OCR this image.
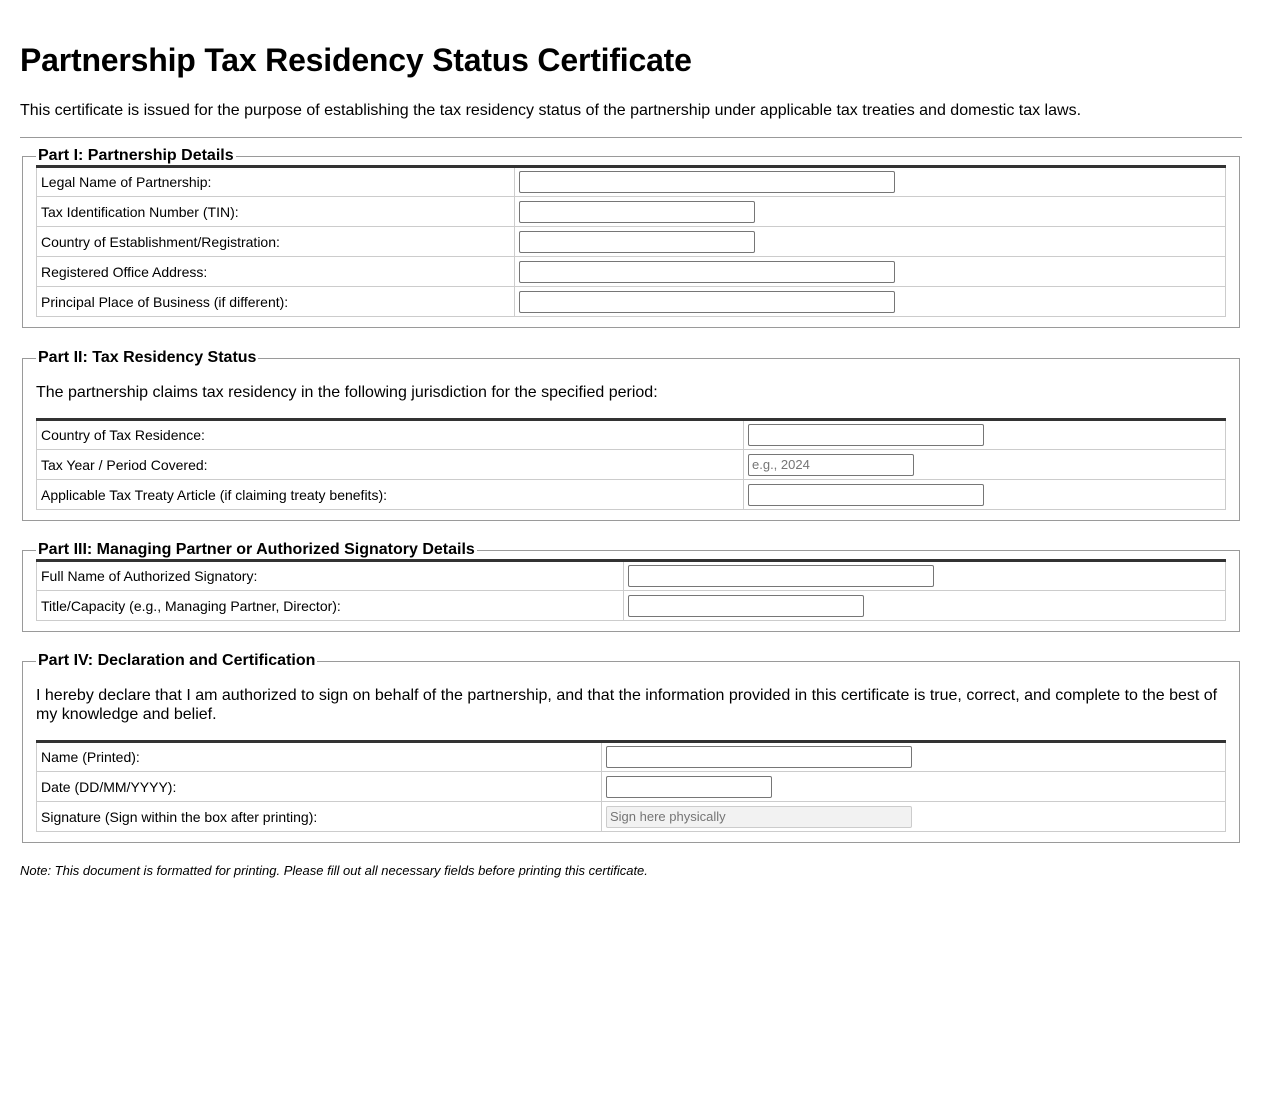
Partnership Tax Residency Status Certificate

This certificate is issued for the purpose of establishing the tax residency status of the partnership under applicable tax treaties and domestic tax laws.

Part I: Partnership Details
Legal Name of Partnership:	

Tax Identification Number (TIN):	

Country of Establishment/Registration:	

Registered Office Address:	

Principal Place of Business (if different):	
Part II: Tax Residency Status

The partnership claims tax residency in the following jurisdiction for the specified period:

Country of Tax Residence:	

Tax Year / Period Covered:	
e.g., 2024
Applicable Tax Treaty Article (if claiming treaty benefits):	
Part III: Managing Partner or Authorized Signatory Details
Full Name of Authorized Signatory:	

Title/Capacity (e.g., Managing Partner, Director):	
Part IV: Declaration and Certification

I hereby declare that I am authorized to sign on behalf of the partnership, and that the information provided in this certificate is true, correct, and complete to the best of my knowledge and belief.

Name (Printed):	

Date (DD/MM/YYYY):	

Signature (Sign within the box after printing):	
Sign here physically

Note: This document is formatted for printing. Please fill out all necessary fields before printing this certificate.
